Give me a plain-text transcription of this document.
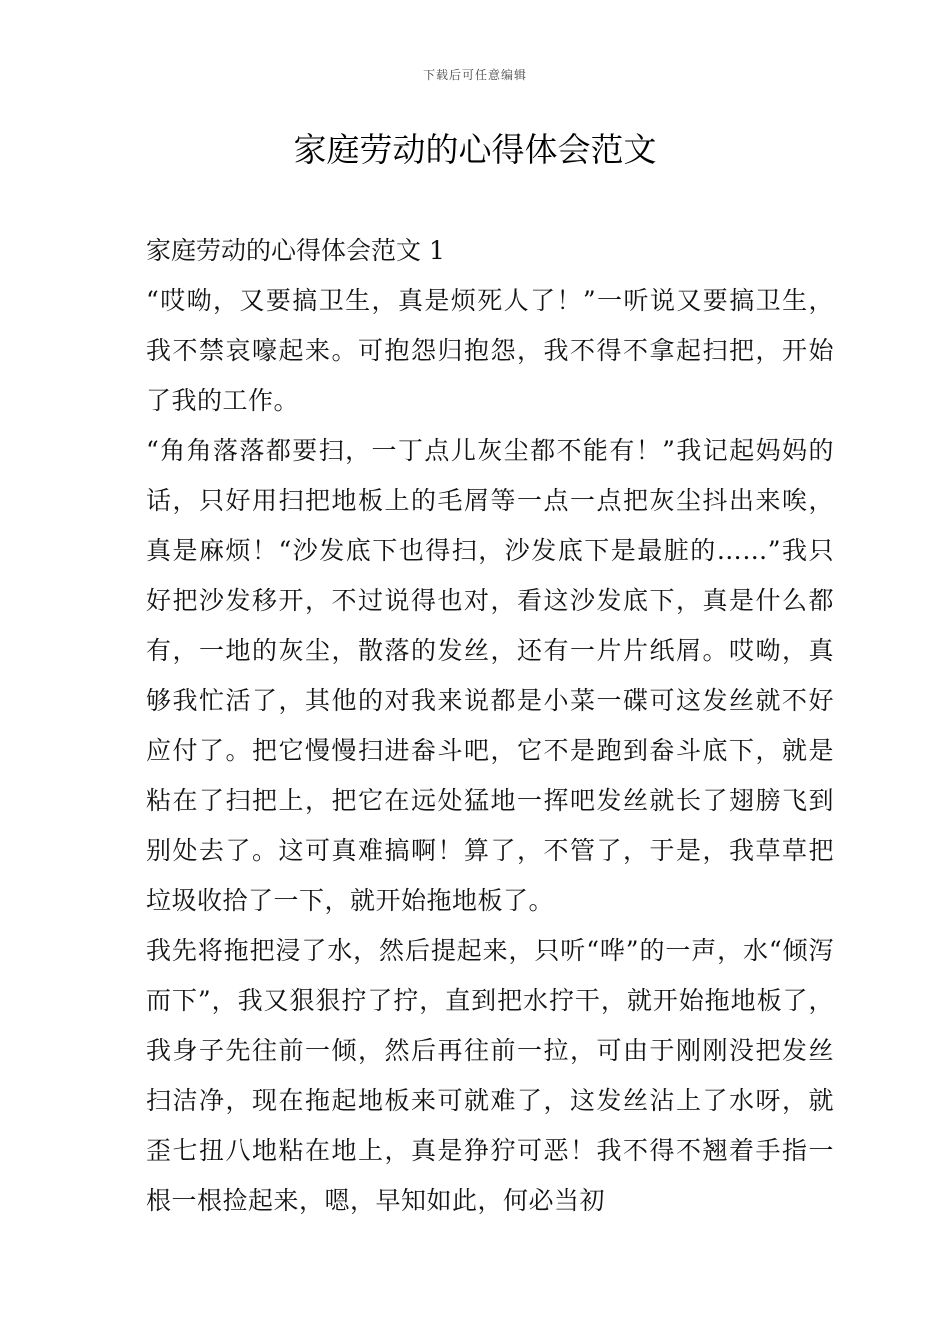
下载后可任意编辑
家庭劳动的心得体会范文

家庭劳动的心得体会范文 1

“哎呦，又要搞卫生，真是烦死人了！”一听说又要搞卫生，我不禁哀嚎起来。可抱怨归抱怨，我不得不拿起扫把，开始了我的工作。

“角角落落都要扫，一丁点儿灰尘都不能有！”我记起妈妈的话，只好用扫把地板上的毛屑等一点一点把灰尘抖出来唉，真是麻烦！“沙发底下也得扫，沙发底下是最脏的……”我只好把沙发移开，不过说得也对，看这沙发底下，真是什么都有，一地的灰尘，散落的发丝，还有一片片纸屑。哎呦，真够我忙活了，其他的对我来说都是小菜一碟可这发丝就不好应付了。把它慢慢扫进畚斗吧，它不是跑到畚斗底下，就是粘在了扫把上，把它在远处猛地一挥吧发丝就长了翅膀飞到别处去了。这可真难搞啊！算了，不管了，于是，我草草把垃圾收拾了一下，就开始拖地板了。

我先将拖把浸了水，然后提起来，只听“哗”的一声，水“倾泻而下”，我又狠狠拧了拧，直到把水拧干，就开始拖地板了，我身子先往前一倾，然后再往前一拉，可由于刚刚没把发丝扫洁净，现在拖起地板来可就难了，这发丝沾上了水呀，就歪七扭八地粘在地上，真是狰狞可恶！我不得不翘着手指一根一根捡起来，嗯，早知如此，何必当初
